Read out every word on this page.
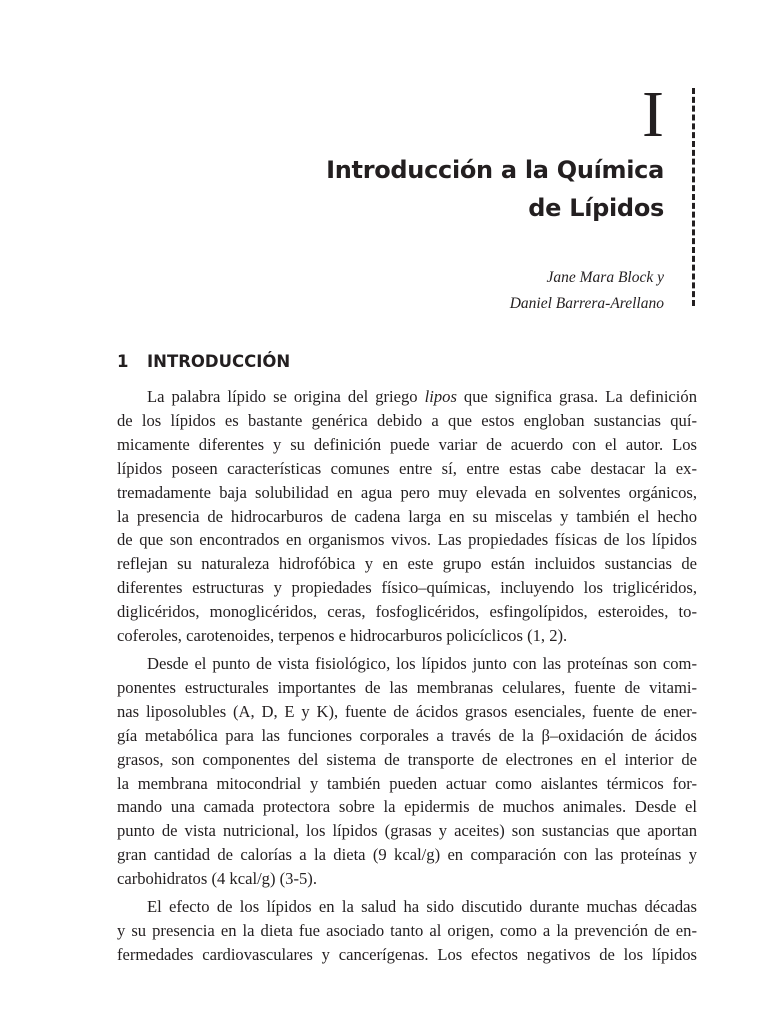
I
Introducción a la Química
de Lípidos
Jane Mara Block y
Daniel Barrera-Arellano
1 INTRODUCCIÓN

La palabra lípido se origina del griego lipos que significa grasa. La definición
de los lípidos es bastante genérica debido a que estos engloban sustancias quí-
micamente diferentes y su definición puede variar de acuerdo con el autor. Los
lípidos poseen características comunes entre sí, entre estas cabe destacar la ex-
tremadamente baja solubilidad en agua pero muy elevada en solventes orgánicos,
la presencia de hidrocarburos de cadena larga en su miscelas y también el hecho
de que son encontrados en organismos vivos. Las propiedades físicas de los lípidos
reflejan su naturaleza hidrofóbica y en este grupo están incluidos sustancias de
diferentes estructuras y propiedades físico–químicas, incluyendo los triglicéridos,
diglicéridos, monoglicéridos, ceras, fosfoglicéridos, esfingolípidos, esteroides, to-
coferoles, carotenoides, terpenos e hidrocarburos policíclicos (1, 2).

Desde el punto de vista fisiológico, los lípidos junto con las proteínas son com-
ponentes estructurales importantes de las membranas celulares, fuente de vitami-
nas liposolubles (A, D, E y K), fuente de ácidos grasos esenciales, fuente de ener-
gía metabólica para las funciones corporales a través de la β–oxidación de ácidos
grasos, son componentes del sistema de transporte de electrones en el interior de
la membrana mitocondrial y también pueden actuar como aislantes térmicos for-
mando una camada protectora sobre la epidermis de muchos animales. Desde el
punto de vista nutricional, los lípidos (grasas y aceites) son sustancias que aportan
gran cantidad de calorías a la dieta (9 kcal/g) en comparación con las proteínas y
carbohidratos (4 kcal/g) (3-5).

El efecto de los lípidos en la salud ha sido discutido durante muchas décadas
y su presencia en la dieta fue asociado tanto al origen, como a la prevención de en-
fermedades cardiovasculares y cancerígenas. Los efectos negativos de los lípidos
